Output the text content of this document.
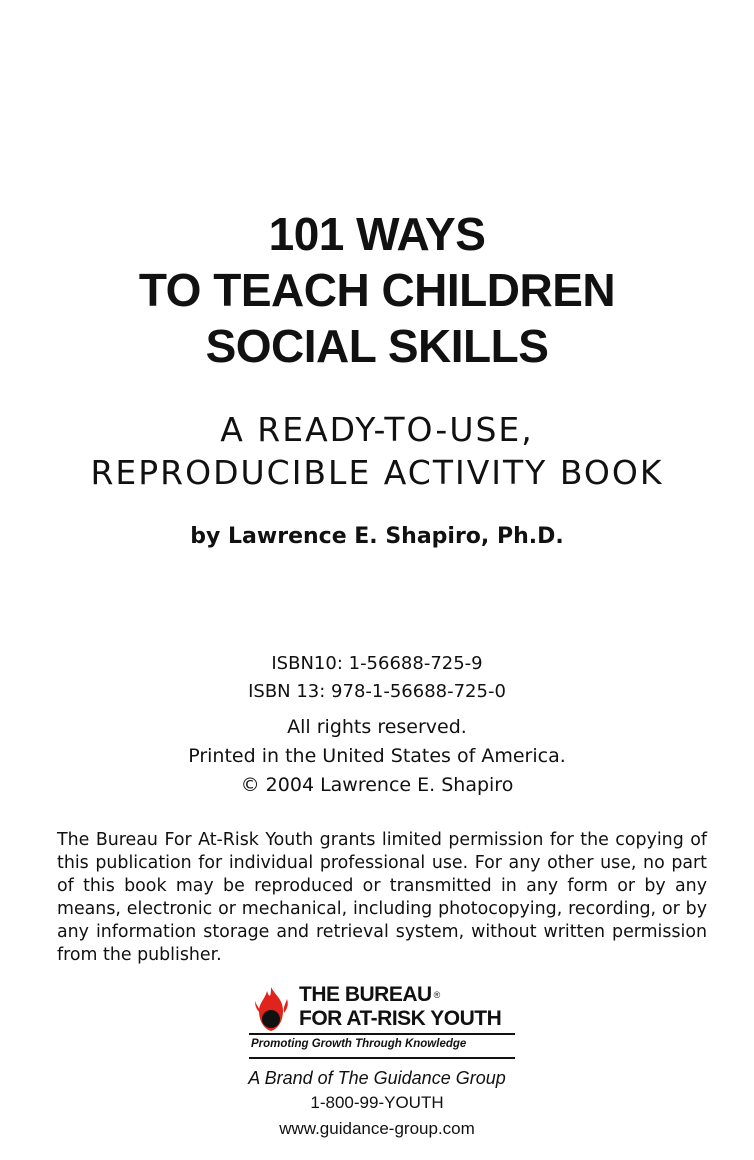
101 WAYS
TO TEACH CHILDREN
SOCIAL SKILLS
A READY-TO-USE,
REPRODUCIBLE ACTIVITY BOOK
by Lawrence E. Shapiro, Ph.D.
ISBN10: 1-56688-725-9
ISBN 13: 978-1-56688-725-0
All rights reserved.
Printed in the United States of America.
© 2004 Lawrence E. Shapiro
The Bureau For At-Risk Youth grants limited permission for the copying of this publication for individual professional use. For any other use, no part of this book may be reproduced or transmitted in any form or by any means, electronic or mechanical, including photocopying, recording, or by any information storage and retrieval system, without written permission from the publisher.
THE BUREAU ®
FOR AT-RISK YOUTH
Promoting Growth Through Knowledge
A Brand of The Guidance Group
1-800-99-YOUTH
www.guidance-group.com
